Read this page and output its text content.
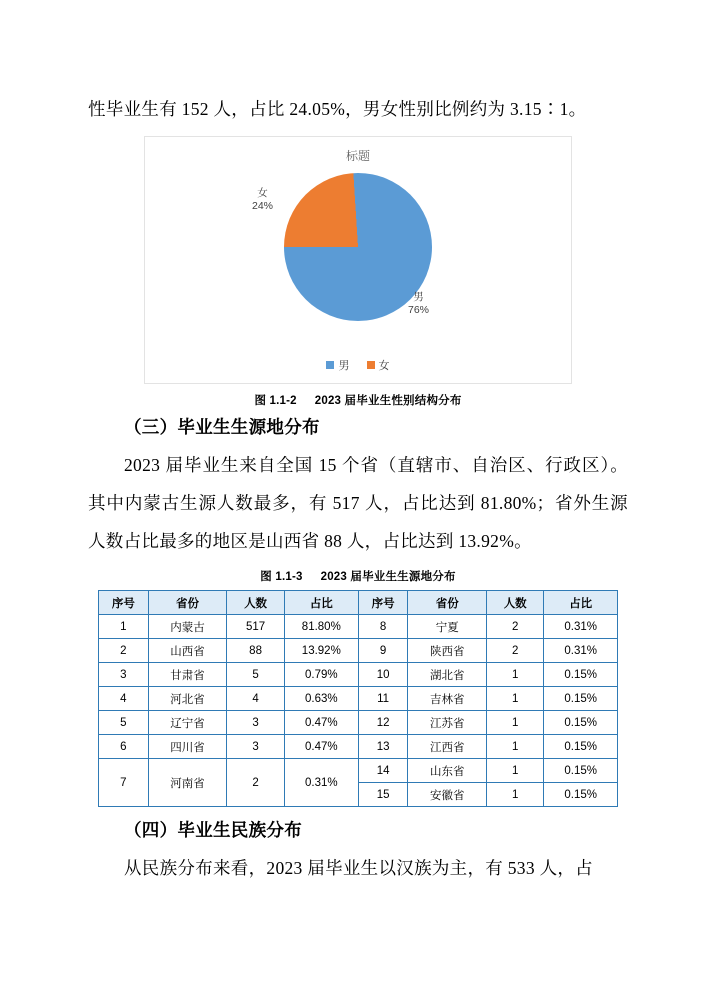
性毕业生有 152 人，占比 24.05%，男女性别比例约为 3.15∶1。

标题
女
24%
男
76%
男	女
图 1.1-2 2023 届毕业生性别结构分布

（三）毕业生生源地分布

2023 届毕业生来自全国 15 个省（直辖市、自治区、行政区）。其中内蒙古生源人数最多，有 517 人，占比达到 81.80%；省外生源人数占比最多的地区是山西省 88 人，占比达到 13.92%。

图 1.1-3 2023 届毕业生生源地分布
序号	省份	人数	占比	序号	省份	人数	占比
1	内蒙古	517	81.80%	8	宁夏	2	0.31%
2	山西省	88	13.92%	9	陕西省	2	0.31%
3	甘肃省	5	0.79%	10	湖北省	1	0.15%
4	河北省	4	0.63%	11	吉林省	1	0.15%
5	辽宁省	3	0.47%	12	江苏省	1	0.15%
6	四川省	3	0.47%	13	江西省	1	0.15%
7	河南省	2	0.31%	14	山东省	1	0.15%
				15	安徽省	1	0.15%

（四）毕业生民族分布

从民族分布来看，2023 届毕业生以汉族为主，有 533 人，占
